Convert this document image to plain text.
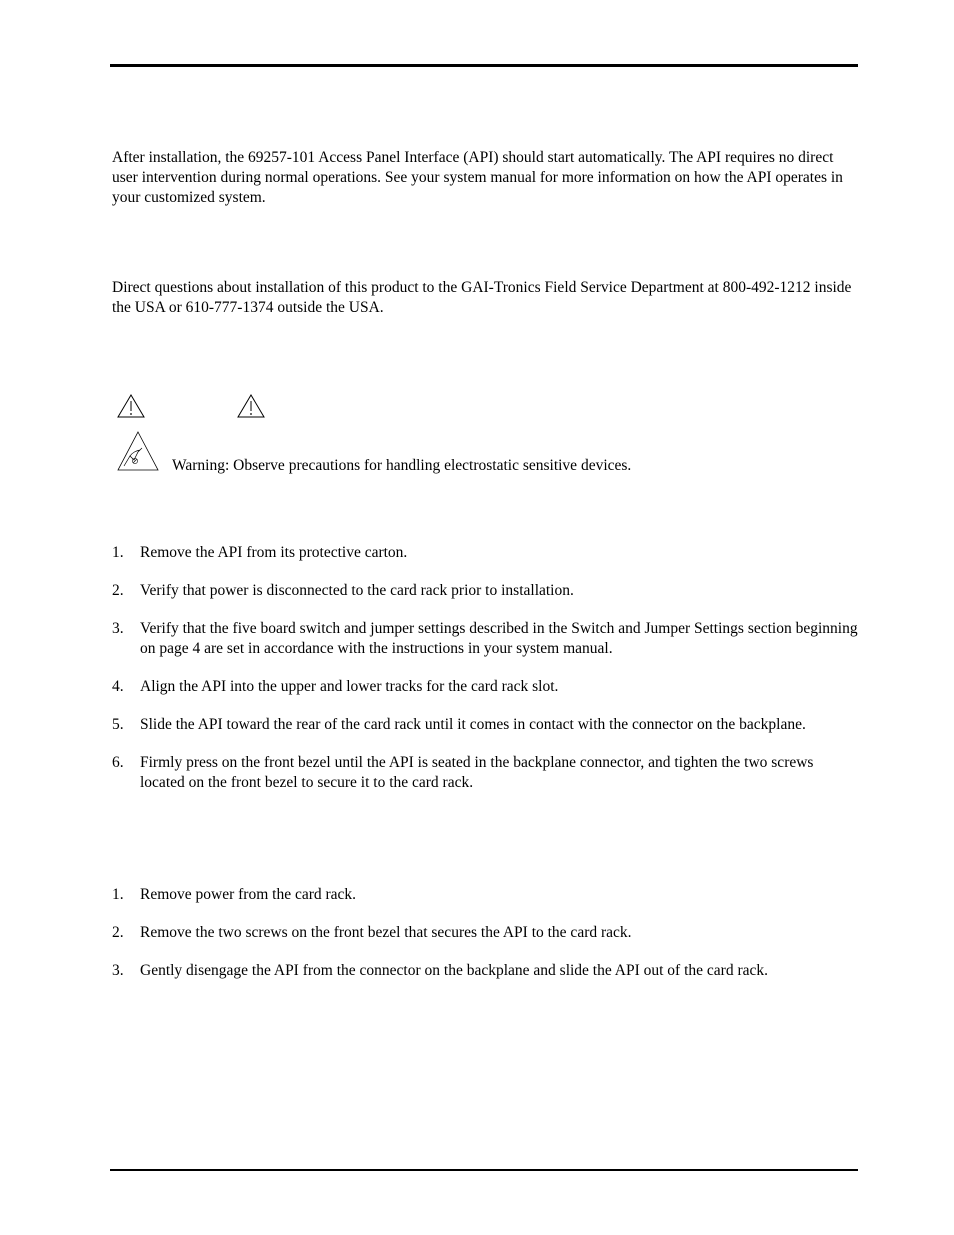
After installation, the 69257-101 Access Panel Interface (API) should start automatically. The API requires no direct user intervention during normal operations. See your system manual for more information on how the API operates in your customized system.

Direct questions about installation of this product to the GAI-Tronics Field Service Department at 800-492-1212 inside the USA or 610-777-1374 outside the USA.

Warning: Observe precautions for handling electrostatic sensitive devices.

1. Remove the API from its protective carton.
2. Verify that power is disconnected to the card rack prior to installation.
3. Verify that the five board switch and jumper settings described in the Switch and Jumper Settings section beginning on page 4 are set in accordance with the instructions in your system manual.
4. Align the API into the upper and lower tracks for the card rack slot.
5. Slide the API toward the rear of the card rack until it comes in contact with the connector on the backplane.
6. Firmly press on the front bezel until the API is seated in the backplane connector, and tighten the two screws located on the front bezel to secure it to the card rack.
1. Remove power from the card rack.
2. Remove the two screws on the front bezel that secures the API to the card rack.
3. Gently disengage the API from the connector on the backplane and slide the API out of the card rack.
